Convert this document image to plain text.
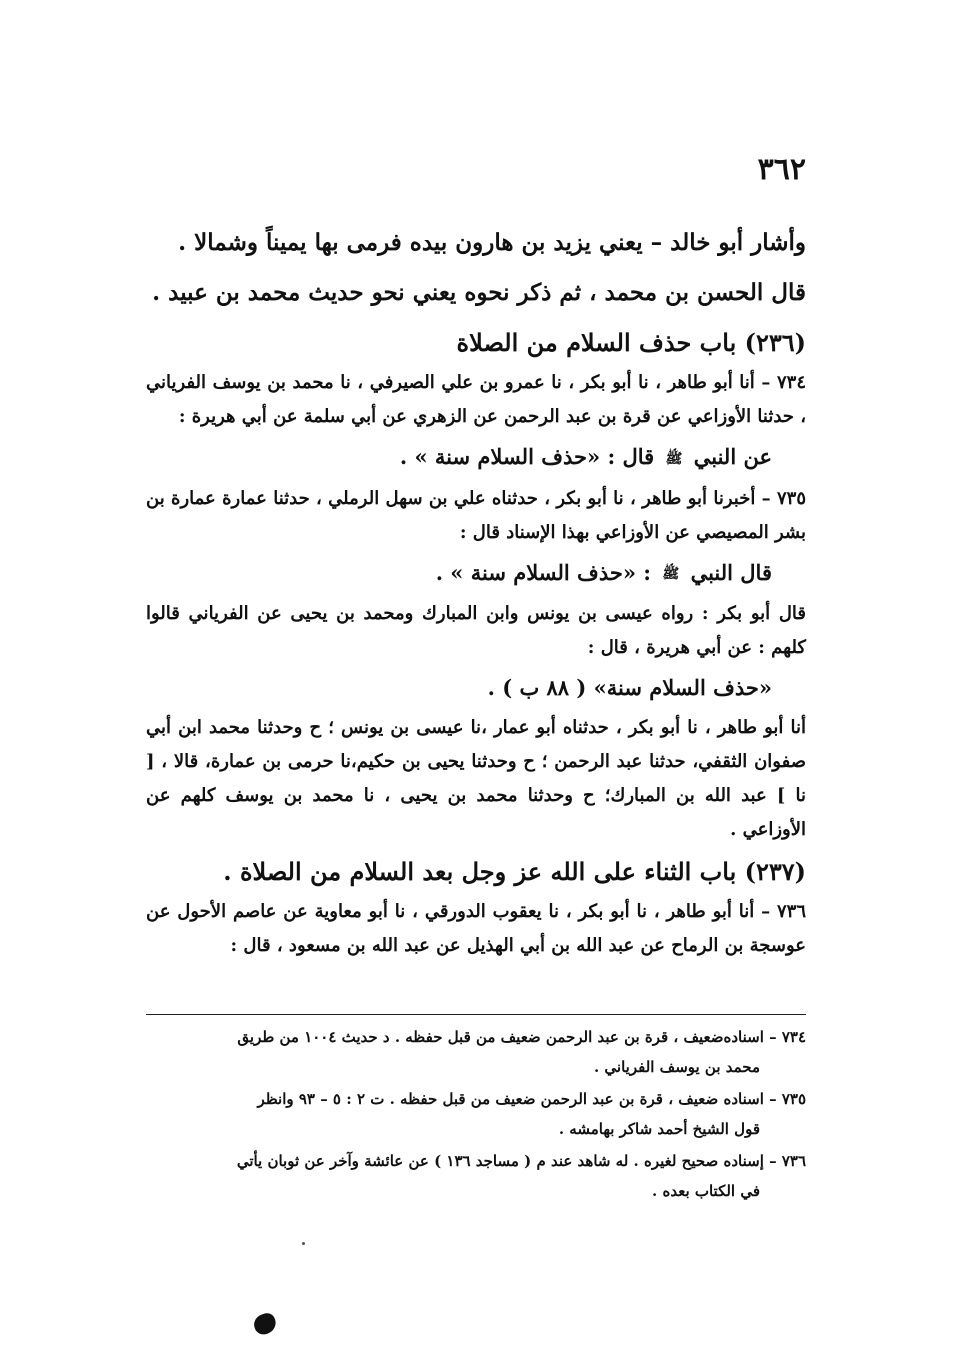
٣٦٢

وأشار أبو خالد – يعني يزيد بن هارون بيده فرمى بها يميناً وشمالا .

قال الحسن بن محمد ، ثم ذكر نحوه يعني نحو حديث محمد بن عبيد .

(٢٣٦) باب حذف السلام من الصلاة

٧٣٤ – أنا أبو طاهر ، نا أبو بكر ، نا عمرو بن علي الصيرفي ، نا محمد بن يوسف الفرياني ، حدثنا الأوزاعي عن قرة بن عبد الرحمن عن الزهري عن أبي سلمة عن أبي هريرة :

عن النبي ﷺ قال : «حذف السلام سنة » .

٧٣٥ – أخبرنا أبو طاهر ، نا أبو بكر ، حدثناه علي بن سهل الرملي ، حدثنا عمارة عمارة بن بشر المصيصي عن الأوزاعي بهذا الإسناد قال :

قال النبي ﷺ : «حذف السلام سنة » .

قال أبو بكر : رواه عيسى بن يونس وابن المبارك ومحمد بن يحيى عن الفرياني قالوا كلهم : عن أبي هريرة ، قال :

«حذف السلام سنة» ( ٨٨ ب ) .

أنا أبو طاهر ، نا أبو بكر ، حدثناه أبو عمار ،نا عيسى بن يونس ؛ ح وحدثنا محمد ابن أبي صفوان الثقفي، حدثنا عبد الرحمن ؛ ح وحدثنا يحيى بن حكيم،نا حرمى بن عمارة، قالا ، [ نا ] عبد الله بن المبارك؛ ح وحدثنا محمد بن يحيى ، نا محمد بن يوسف كلهم عن الأوزاعي .

(٢٣٧) باب الثناء على الله عز وجل بعد السلام من الصلاة .

٧٣٦ – أنا أبو طاهر ، نا أبو بكر ، نا يعقوب الدورقي ، نا أبو معاوية عن عاصم الأحول عن عوسجة بن الرماح عن عبد الله بن أبي الهذيل عن عبد الله بن مسعود ، قال :

٧٣٤ – اسناده‌ضعيف ، قرة بن عبد الرحمن ضعيف من قبل حفظه . د حديث ١٠٠٤ من طريق
محمد بن يوسف الفرياني .

٧٣٥ – اسناده ضعيف ، قرة بن عبد الرحمن ضعيف من قبل حفظه . ت ٢ : ٥ – ٩٣ وانظر
قول الشيخ أحمد شاكر بهامشه .

٧٣٦ – إسناده صحيح لغيره . له شاهد عند م ( مساجد ١٣٦ ) عن عائشة وآخر عن ثوبان يأتي
في الكتاب بعده .
